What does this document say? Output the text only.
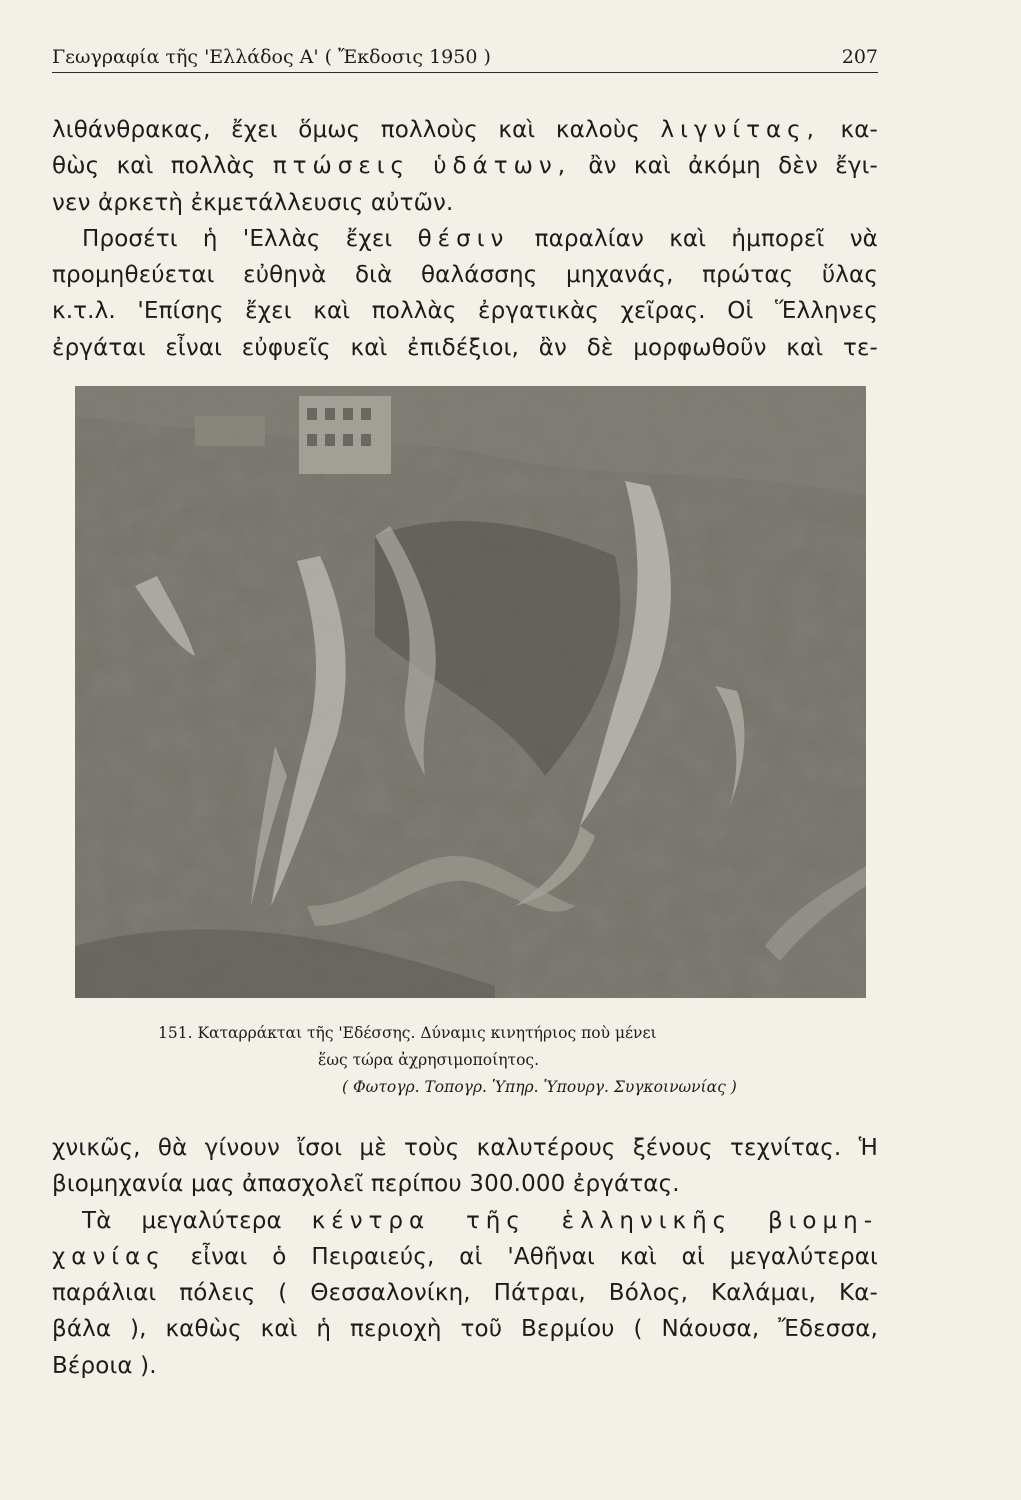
Γεωγραφία τῆς 'Ελλάδος Α' ( Ἔκδοσις 1950 )	207

λιθάνθρακας, ἔχει ὅμως πολλοὺς καὶ καλοὺς λιγνίτας, κα-

θὼς καὶ πολλὰς πτώσεις ὑδάτων, ἂν καὶ ἀκόμη δὲν ἔγι-

νεν ἀρκετὴ ἐκμετάλλευσις αὐτῶν.

Προσέτι ἡ 'Ελλὰς ἔχει θέσιν παραλίαν καὶ ἠμπορεῖ νὰ

προμηθεύεται εὐθηνὰ διὰ θαλάσσης μηχανάς, πρώτας ὕλας

κ.τ.λ. 'Επίσης ἔχει καὶ πολλὰς ἐργατικὰς χεῖρας. Οἱ Ἕλληνες

ἐργάται εἶναι εὐφυεῖς καὶ ἐπιδέξιοι, ἂν δὲ μορφωθοῦν καὶ τε-

151. Καταρράκται τῆς 'Εδέσσης. Δύναμις κινητήριος ποὺ μένει
ἕως τώρα ἀχρησιμοποίητος.
( Φωτογρ. Τοπογρ. Ὑπηρ. Ὑπουργ. Συγκοινωνίας )

χνικῶς, θὰ γίνουν ἴσοι μὲ τοὺς καλυτέρους ξένους τεχνίτας. Ἡ

βιομηχανία μας ἀπασχολεῖ περίπου 300.000 ἐργάτας.

Τὰ μεγαλύτερα κέντρα τῆς ἑλληνικῆς βιομη-

χανίας εἶναι ὁ Πειραιεύς, αἱ 'Αθῆναι καὶ αἱ μεγαλύτεραι

παράλιαι πόλεις ( Θεσσαλονίκη, Πάτραι, Βόλος, Καλάμαι, Κα-

βάλα ), καθὼς καὶ ἡ περιοχὴ τοῦ Βερμίου ( Νάουσα, Ἔδεσσα,

Βέροια ).
